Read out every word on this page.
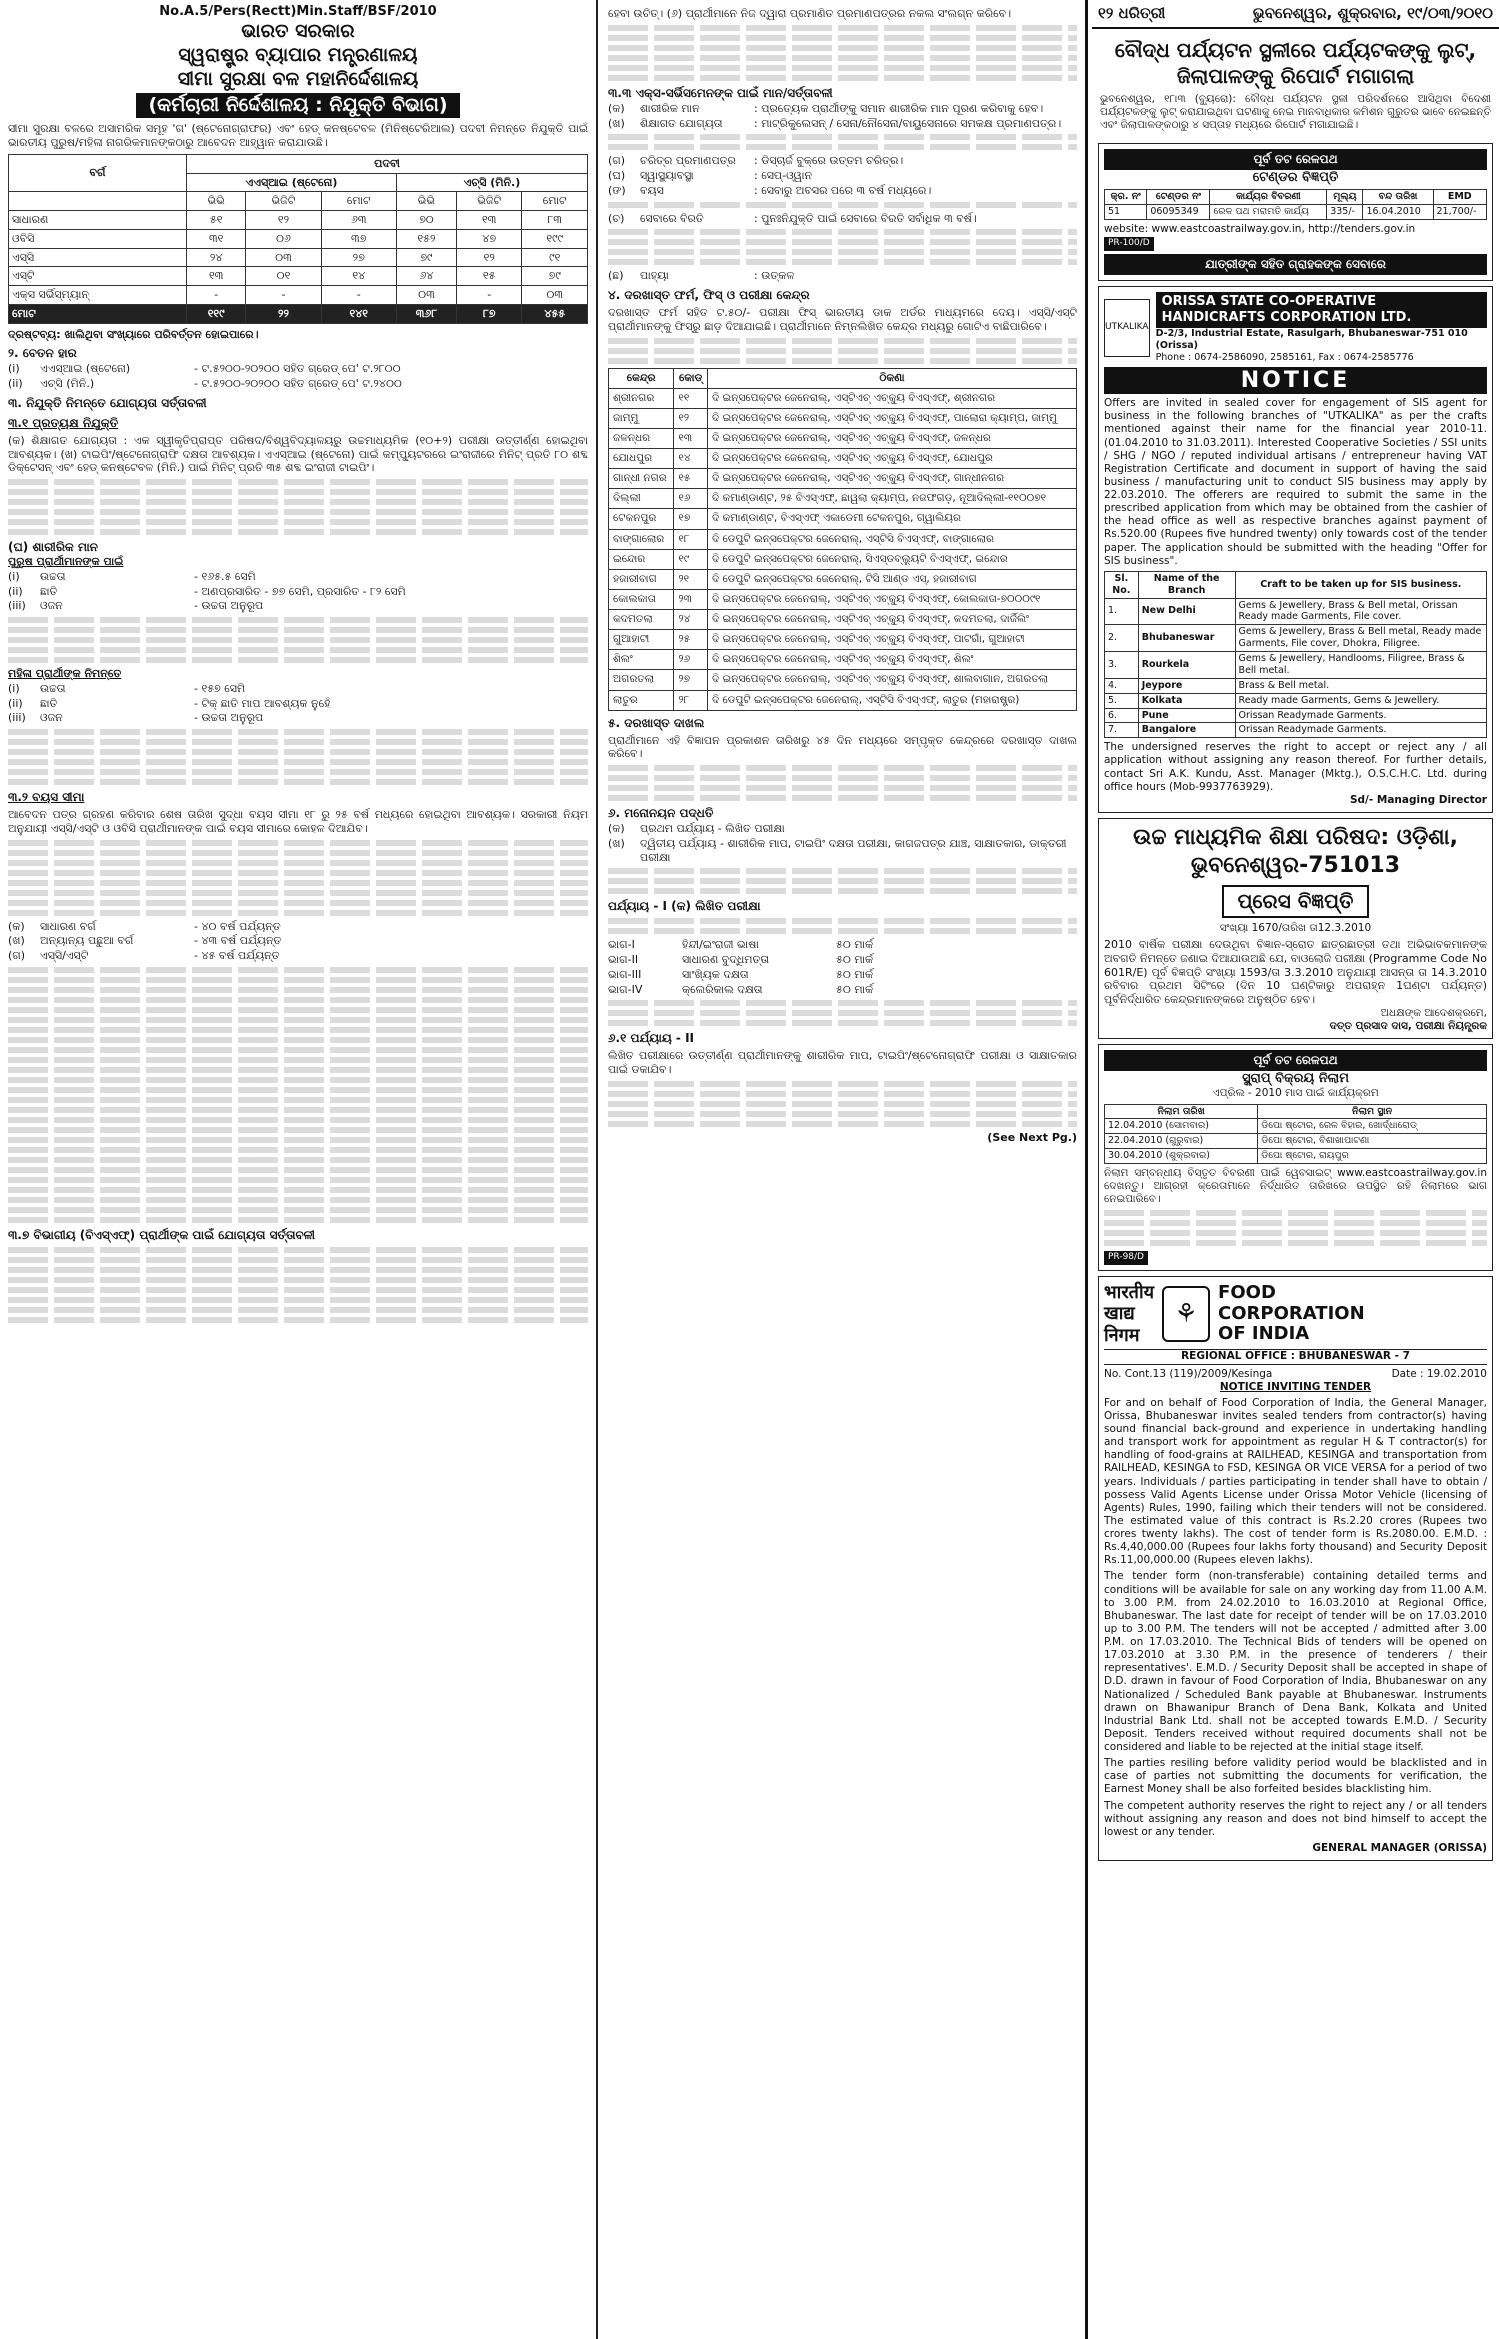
No.A.5/Pers(Rectt)Min.Staff/BSF/2010
ଭାରତ ସରକାର
ସ୍ୱରାଷ୍ଟ୍ର ବ୍ୟାପାର ମନ୍ତ୍ରଣାଳୟ
ସୀମା ସୁରକ୍ଷା ବଳ ମହାନିର୍ଦ୍ଦେଶାଳୟ
(କର୍ମଚାରୀ ନିର୍ଦ୍ଦେଶାଳୟ : ନିଯୁକ୍ତି ବିଭାଗ)

ସୀମା ସୁରକ୍ଷା ବଳରେ ଅସାମରିକ ସମୂହ 'ଗ' (ଷ୍ଟେନୋଗ୍ରାଫର) ଏବଂ ହେଡ୍ କନଷ୍ଟେବଳ (ମିନିଷ୍ଟେରିଆଲ) ପଦବୀ ନିମନ୍ତେ ନିଯୁକ୍ତି ପାଇଁ ଭାରତୀୟ ପୁରୁଷ/ମହିଳା ନାଗରିକମାନଙ୍କଠାରୁ ଆବେଦନ ଆହ୍ୱାନ କରାଯାଉଛି।

ବର୍ଗ	ପଦବୀ					
	ଏଏସ୍ଆଇ (ଷ୍ଟେନୋ)			ଏଚ୍‌ସି (ମିନି.)		
	ଭିଭି	ଭିଜିଟି	ମୋଟ	ଭିଭି	ଭିଜିଟି	ମୋଟ
ସାଧାରଣ	୫୧	୧୨	୬୩	୭୦	୧୩	୮୩
ଓବିସି	୩୧	୦୬	୩୭	୧୫୨	୪୭	୧୯୯
ଏସ୍‌ସି	୨୪	୦୩	୨୭	୭୯	୧୨	୯୧
ଏସ୍‌ଟି	୧୩	୦୧	୧୪	୬୪	୧୫	୭୯
ଏକ୍ସ ସର୍ଭିସ୍‌ମ୍ୟାନ୍	-	-	-	୦୩	-	୦୩
ମୋଟ	୧୧୯	୨୨	୧୪୧	୩୬୮	୮୭	୪୫୫

ଦ୍ରଷ୍ଟବ୍ୟ: ଖାଲିଥିବା ସଂଖ୍ୟାରେ ପରିବର୍ତ୍ତନ ହୋଇପାରେ।

୨. ବେତନ ହାର
(i)	ଏଏସ୍ଆଇ (ଷ୍ଟେନୋ)	- ଟ.୫୨୦୦-୨୦୨୦୦ ସହିତ ଗ୍ରେଡ୍ ପେ' ଟ.୨୮୦୦
(ii)	ଏଚ୍‌ସି (ମିନି.)	- ଟ.୫୨୦୦-୨୦୨୦୦ ସହିତ ଗ୍ରେଡ୍ ପେ' ଟ.୨୪୦୦
୩. ନିଯୁକ୍ତି ନିମନ୍ତେ ଯୋଗ୍ୟତା ସର୍ତ୍ତାବଳୀ
୩.୧ ପ୍ରତ୍ୟକ୍ଷ ନିଯୁକ୍ତି

(କ) ଶିକ୍ଷାଗତ ଯୋଗ୍ୟତା : ଏକ ସ୍ୱୀକୃତିପ୍ରାପ୍ତ ପରିଷଦ/ବିଶ୍ୱବିଦ୍ୟାଳୟରୁ ଉଚ୍ଚମାଧ୍ୟମିକ (୧୦+୨) ପରୀକ୍ଷା ଉତ୍ତୀର୍ଣ୍ଣ ହୋଇଥିବା ଆବଶ୍ୟକ। (ଖ) ଟାଇପିଂ/ଷ୍ଟେନୋଗ୍ରାଫି ଦକ୍ଷତା ଆବଶ୍ୟକ। ଏଏସ୍ଆଇ (ଷ୍ଟେନୋ) ପାଇଁ କମ୍ପ୍ୟୁଟରରେ ଇଂରାଜୀରେ ମିନିଟ୍ ପ୍ରତି ୮୦ ଶବ୍ଦ ଡିକ୍ଟେସନ୍ ଏବଂ ହେଡ୍ କନଷ୍ଟେବଳ (ମିନି.) ପାଇଁ ମିନିଟ୍ ପ୍ରତି ୩୫ ଶବ୍ଦ ଇଂରାଜୀ ଟାଇପିଂ।

(ଘ) ଶାରୀରିକ ମାନ
ପୁରୁଷ ପ୍ରାର୍ଥୀମାନଙ୍କ ପାଇଁ
(i)	ଉଚ୍ଚତା	- ୧୬୫.୫ ସେମି
(ii)	ଛାତି	- ଅଣପ୍ରସାରିତ - ୭୭ ସେମି, ପ୍ରସାରିତ - ୮୨ ସେମି
(iii)	ଓଜନ	- ଉଚ୍ଚତା ଅନୁରୂପ
ମହିଳା ପ୍ରାର୍ଥୀଙ୍କ ନିମନ୍ତେ
(i)	ଉଚ୍ଚତା	- ୧୫୭ ସେମି
(ii)	ଛାତି	- ଟିକ୍ ଛାତି ମାପ ଆବଶ୍ୟକ ନୁହେଁ
(iii)	ଓଜନ	- ଉଚ୍ଚତା ଅନୁରୂପ
୩.୨ ବୟସ ସୀମା

ଆବେଦନ ପତ୍ର ଗ୍ରହଣ କରିବାର ଶେଷ ତାରିଖ ସୁଦ୍ଧା ବୟସ ସୀମା ୧୮ ରୁ ୨୫ ବର୍ଷ ମଧ୍ୟରେ ହୋଇଥିବା ଆବଶ୍ୟକ। ସରକାରୀ ନିୟମ ଅନୁଯାୟୀ ଏସ୍‌ସି/ଏସ୍‌ଟି ଓ ଓବିସି ପ୍ରାର୍ଥୀମାନଙ୍କ ପାଇଁ ବୟସ ସୀମାରେ କୋହଳ ଦିଆଯିବ।

(କ)	ସାଧାରଣ ବର୍ଗ	- ୪୦ ବର୍ଷ ପର୍ଯ୍ୟନ୍ତ
(ଖ)	ଅନ୍ୟାନ୍ୟ ପଛୁଆ ବର୍ଗ	- ୪୩ ବର୍ଷ ପର୍ଯ୍ୟନ୍ତ
(ଗ)	ଏସ୍‌ସି/ଏସ୍‌ଟି	- ୪୫ ବର୍ଷ ପର୍ଯ୍ୟନ୍ତ
୩.୭ ବିଭାଗୀୟ (ବିଏସ୍‌ଏଫ୍) ପ୍ରାର୍ଥୀଙ୍କ ପାଇଁ ଯୋଗ୍ୟତା ସର୍ତ୍ତାବଳୀ

ହେବା ଉଚିତ୍। (୬) ପ୍ରାର୍ଥୀମାନେ ନିଜ ଦ୍ୱାରା ପ୍ରମାଣିତ ପ୍ରମାଣପତ୍ରର ନକଲ ସଂଲଗ୍ନ କରିବେ।

୩.୩ ଏକ୍ସ-ସର୍ଭିସମେନଙ୍କ ପାଇଁ ମାନ/ସର୍ତ୍ତାବଳୀ
(କ)	ଶାରୀରିକ ମାନ	: ପ୍ରତ୍ୟେକ ପ୍ରାର୍ଥୀଙ୍କୁ ସମାନ ଶାରୀରିକ ମାନ ପୂରଣ କରିବାକୁ ହେବ।
(ଖ)	ଶିକ୍ଷାଗତ ଯୋଗ୍ୟତା	: ମାଟ୍ରିକୁଲେସନ୍ / ସେନା/ନୌସେନା/ବାୟୁସେନାରେ ସମକକ୍ଷ ପ୍ରମାଣପତ୍ର।
(ଗ)	ଚରିତ୍ର ପ୍ରମାଣପତ୍ର	: ଡିସ୍‌ଚାର୍ଜ ବୁକ୍‌ରେ ଉତ୍ତମ ଚରିତ୍ର।
(ଘ)	ସ୍ୱାସ୍ଥ୍ୟାବସ୍ଥା	: ସେପ୍-ଓ୍ୱାନ
(ଙ)	ବୟସ	: ସେବାରୁ ଅବସର ପରେ ୩ ବର୍ଷ ମଧ୍ୟରେ।
(ଚ)	ସେବାରେ ବିରତି	: ପୁନଃନିଯୁକ୍ତି ପାଇଁ ସେବାରେ ବିରତି ସର୍ବାଧିକ ୩ ବର୍ଷ।
(ଛ)	ପାହ୍ୟା	: ଉତ୍କଳ
୪. ଦରଖାସ୍ତ ଫର୍ମ, ଫିସ୍ ଓ ପରୀକ୍ଷା କେନ୍ଦ୍ର

ଦରଖାସ୍ତ ଫର୍ମ ସହିତ ଟ.୫୦/- ପରୀକ୍ଷା ଫିସ୍ ଭାରତୀୟ ଡାକ ଅର୍ଡର ମାଧ୍ୟମରେ ଦେୟ। ଏସ୍‌ସି/ଏସ୍‌ଟି ପ୍ରାର୍ଥୀମାନଙ୍କୁ ଫିସ୍‌ରୁ ଛାଡ଼ ଦିଆଯାଇଛି। ପ୍ରାର୍ଥୀମାନେ ନିମ୍ନଲିଖିତ କେନ୍ଦ୍ର ମଧ୍ୟରୁ ଗୋଟିଏ ବାଛିପାରିବେ।

କେନ୍ଦ୍ର	କୋଡ୍	ଠିକଣା
ଶ୍ରୀନଗର	୧୧	ଦି ଇନ୍‌ସପେକ୍ଟର ଜେନେରାଲ୍, ଏସ୍‌ଟିଏଚ୍ ଏଚ୍‌କ୍ୟୁ ବିଏସ୍‌ଏଫ୍, ଶ୍ରୀନଗର
ଜାମ୍ମୁ	୧୨	ଦି ଇନ୍‌ସପେକ୍ଟର ଜେନେରାଲ୍, ଏସ୍‌ଟିଏଚ୍ ଏଚ୍‌କ୍ୟୁ ବିଏସ୍‌ଏଫ୍, ପାଲୋରା କ୍ୟାମ୍ପ, ଜାମ୍ମୁ
ଜଳନ୍ଧର	୧୩	ଦି ଇନ୍‌ସପେକ୍ଟର ଜେନେରାଲ୍, ଏସ୍‌ଟିଏଚ୍ ଏଚ୍‌କ୍ୟୁ ବିଏସ୍‌ଏଫ୍, ଜଳନ୍ଧର
ଯୋଧପୁର	୧୪	ଦି ଇନ୍‌ସପେକ୍ଟର ଜେନେରାଲ୍, ଏସ୍‌ଟିଏଚ୍ ଏଚ୍‌କ୍ୟୁ ବିଏସ୍‌ଏଫ୍, ଯୋଧପୁର
ଗାନ୍ଧୀ ନଗର	୧୫	ଦି ଇନ୍‌ସପେକ୍ଟର ଜେନେରାଲ୍, ଏସ୍‌ଟିଏଚ୍ ଏଚ୍‌କ୍ୟୁ ବିଏସ୍‌ଏଫ୍, ଗାନ୍ଧୀନଗର
ଦିଲ୍ଲୀ	୧୬	ଦି କମାଣ୍ଡାଣ୍ଟ, ୨୫ ବିଏସ୍‌ଏଫ୍, ଛାୱଲା କ୍ୟାମ୍ପ, ନଜଫଗଡ଼, ନୂଆଦିଲ୍ଲୀ-୧୧୦୦୭୧
ଟେକନପୁର	୧୭	ଦି କମାଣ୍ଡାଣ୍ଟ, ବିଏସ୍‌ଏଫ୍ ଏକାଡେମୀ ଟେକନପୁର, ଗ୍ୱାଲିୟର
ବାଙ୍ଗାଲୋର	୧୮	ଦି ଡେପୁଟି ଇନ୍‌ସପେକ୍ଟର ଜେନେରାଲ୍, ଏସ୍‌ଟିସି ବିଏସ୍‌ଏଫ୍, ବାଙ୍ଗାଲୋର
ଇନ୍ଦୋର	୧୯	ଦି ଡେପୁଟି ଇନ୍‌ସପେକ୍ଟର ଜେନେରାଲ୍, ସିଏସ୍‌ଡବ୍ଲ୍ୟୁଟି ବିଏସ୍‌ଏଫ୍, ଇନ୍ଦୋର
ହଜାରୀବାଗ	୨୧	ଦି ଡେପୁଟି ଇନ୍‌ସପେକ୍ଟର ଜେନେରାଲ୍, ଟିସି ଆଣ୍ଡ ଏସ୍, ହଜାରୀବାଗ
କୋଲକାତା	୨୩	ଦି ଇନ୍‌ସପେକ୍ଟର ଜେନେରାଲ୍, ଏସ୍‌ଟିଏଚ୍ ଏଚ୍‌କ୍ୟୁ ବିଏସ୍‌ଏଫ୍, କୋଲକାତା-୭୦୦୦୯୧
କଦମତଲା	୨୪	ଦି ଇନ୍‌ସପେକ୍ଟର ଜେନେରାଲ୍, ଏସ୍‌ଟିଏଚ୍ ଏଚ୍‌କ୍ୟୁ ବିଏସ୍‌ଏଫ୍, କଦମତଲା, ଦାର୍ଜିଲିଂ
ଗୁଆହାଟୀ	୨୫	ଦି ଇନ୍‌ସପେକ୍ଟର ଜେନେରାଲ୍, ଏସ୍‌ଟିଏଚ୍ ଏଚ୍‌କ୍ୟୁ ବିଏସ୍‌ଏଫ୍, ପାଟଗାଁ, ଗୁଆହାଟୀ
ଶିଲଂ	୨୬	ଦି ଇନ୍‌ସପେକ୍ଟର ଜେନେରାଲ୍, ଏସ୍‌ଟିଏଚ୍ ଏଚ୍‌କ୍ୟୁ ବିଏସ୍‌ଏଫ୍, ଶିଲଂ
ଅଗରତଲା	୨୭	ଦି ଇନ୍‌ସପେକ୍ଟର ଜେନେରାଲ୍, ଏସ୍‌ଟିଏଚ୍ ଏଚ୍‌କ୍ୟୁ ବିଏସ୍‌ଏଫ୍, ଶାଲବାଗାନ, ଅଗରତଲା
ଲାତୁର	୨୮	ଦି ଡେପୁଟି ଇନ୍‌ସପେକ୍ଟର ଜେନେରାଲ୍, ଏସ୍‌ଟିସି ବିଏସ୍‌ଏଫ୍, ଲାତୁର (ମହାରାଷ୍ଟ୍ର)
୫. ଦରଖାସ୍ତ ଦାଖଲ

ପ୍ରାର୍ଥୀମାନେ ଏହି ବିଜ୍ଞାପନ ପ୍ରକାଶନ ତାରିଖରୁ ୪୫ ଦିନ ମଧ୍ୟରେ ସମ୍ପୃକ୍ତ କେନ୍ଦ୍ରରେ ଦରଖାସ୍ତ ଦାଖଲ କରିବେ।

୬. ମନୋନୟନ ପଦ୍ଧତି
(କ)	ପ୍ରଥମ ପର୍ଯ୍ୟାୟ - ଲିଖିତ ପରୀକ୍ଷା
(ଖ)	ଦ୍ୱିତୀୟ ପର୍ଯ୍ୟାୟ - ଶାରୀରିକ ମାପ, ଟାଇପିଂ ଦକ୍ଷତା ପରୀକ୍ଷା, କାଗଜପତ୍ର ଯାଞ୍ଚ, ସାକ୍ଷାତକାର, ଡାକ୍ତରୀ ପରୀକ୍ଷା
ପର୍ଯ୍ୟାୟ - I (କ) ଲିଖିତ ପରୀକ୍ଷା
ଭାଗ-I	ହିନ୍ଦୀ/ଇଂରାଜୀ ଭାଷା	୫୦ ମାର୍କ
ଭାଗ-II	ସାଧାରଣ ବୁଦ୍ଧିମତ୍ତା	୫୦ ମାର୍କ
ଭାଗ-III	ସାଂଖ୍ୟିକ ଦକ୍ଷତା	୫୦ ମାର୍କ
ଭାଗ-IV	କ୍ଲେରିକାଲ ଦକ୍ଷତା	୫୦ ମାର୍କ
୬.୧ ପର୍ଯ୍ୟାୟ - II

ଲିଖିତ ପରୀକ୍ଷାରେ ଉତ୍ତୀର୍ଣ୍ଣ ପ୍ରାର୍ଥୀମାନଙ୍କୁ ଶାରୀରିକ ମାପ, ଟାଇପିଂ/ଷ୍ଟେନୋଗ୍ରାଫି ପରୀକ୍ଷା ଓ ସାକ୍ଷାତକାର ପାଇଁ ଡକାଯିବ।

(See Next Pg.)
୧୨ ଧରିତ୍ରୀ	ଭୁବନେଶ୍ୱର, ଶୁକ୍ରବାର, ୧୯/୦୩/୨୦୧୦
ବୌଦ୍ଧ ପର୍ଯ୍ୟଟନ ସ୍ଥଳୀରେ ପର୍ଯ୍ୟଟକଙ୍କୁ ଲୁଟ୍, ଜିଲାପାଳଙ୍କୁ ରିପୋର୍ଟ ମଗାଗଲା
ଭୁବନେଶ୍ୱର, ୧୮ା୩ (ବ୍ୟୁରୋ): ବୌଦ୍ଧ ପର୍ଯ୍ୟଟନ ସ୍ଥଳୀ ପରିଦର୍ଶନରେ ଆସିଥିବା ବିଦେଶୀ ପର୍ଯ୍ୟଟକଙ୍କୁ ଲୁଟ୍ କରାଯାଇଥିବା ଘଟଣାକୁ ନେଇ ମାନବାଧିକାର କମିଶନ ଗୁରୁତର ଭାବେ ନେଇଛନ୍ତି ଏବଂ ଜିଲାପାଳଙ୍କଠାରୁ ୪ ସପ୍ତାହ ମଧ୍ୟରେ ରିପୋର୍ଟ ମଗାଯାଇଛି।
ପୂର୍ବ ତଟ ରେଳପଥ
ଟେଣ୍ଡର ବିଜ୍ଞପ୍ତି
କ୍ର. ନଂ	ଟେଣ୍ଡର ନଂ	କାର୍ଯ୍ୟର ବିବରଣୀ	ମୂଲ୍ୟ	ବନ୍ଦ ତାରିଖ	EMD
51	06095349	ରେଳ ପଥ ମରାମତି କାର୍ଯ୍ୟ	335/-	16.04.2010	21,700/-
website: www.eastcoastrailway.gov.in, http://tenders.gov.in
PR-100/D
ଯାତ୍ରୀଙ୍କ ସହିତ ଗ୍ରାହକଙ୍କ ସେବାରେ
UTKALIKA
ORISSA STATE CO-OPERATIVE HANDICRAFTS CORPORATION LTD.
D-2/3, Industrial Estate, Rasulgarh, Bhubaneswar-751 010 (Orissa)
Phone : 0674-2586090, 2585161, Fax : 0674-2585776
NOTICE
Offers are invited in sealed cover for engagement of SIS agent for business in the following branches of "UTKALIKA" as per the crafts mentioned against their name for the financial year 2010-11. (01.04.2010 to 31.03.2011). Interested Cooperative Societies / SSI units / SHG / NGO / reputed individual artisans / entrepreneur having VAT Registration Certificate and document in support of having the said business / manufacturing unit to conduct SIS business may apply by 22.03.2010. The offerers are required to submit the same in the prescribed application from which may be obtained from the cashier of the head office as well as respective branches against payment of Rs.520.00 (Rupees five hundred twenty) only towards cost of the tender paper. The application should be submitted with the heading "Offer for SIS business".
Sl. No.	Name of the Branch	Craft to be taken up for SIS business.
1.	New Delhi	Gems & Jewellery, Brass & Bell metal, Orissan Ready made Garments, File cover.
2.	Bhubaneswar	Gems & Jewellery, Brass & Bell metal, Ready made Garments, File cover, Dhokra, Filigree.
3.	Rourkela	Gems & Jewellery, Handlooms, Filigree, Brass & Bell metal.
4.	Jeypore	Brass & Bell metal.
5.	Kolkata	Ready made Garments, Gems & Jewellery.
6.	Pune	Orissan Readymade Garments.
7.	Bangalore	Orissan Readymade Garments.
The undersigned reserves the right to accept or reject any / all application without assigning any reason thereof. For further details, contact Sri A.K. Kundu, Asst. Manager (Mktg.), O.S.C.H.C. Ltd. during office hours (Mob-9937763929).
Sd/- Managing Director
ଉଚ୍ଚ ମାଧ୍ୟମିକ ଶିକ୍ଷା ପରିଷଦ: ଓଡ଼ିଶା,
ଭୁବନେଶ୍ୱର-751013
ପ୍ରେସ ବିଜ୍ଞପ୍ତି
ସଂଖ୍ୟା 1670/ତାରିଖ ତା12.3.2010
2010 ବାର୍ଷିକ ପରୀକ୍ଷା ଦେଉଥିବା ବିଜ୍ଞାନ-ସ୍ରୋତ ଛାତ୍ରଛାତ୍ରୀ ତଥା ଅଭିଭାବକମାନଙ୍କ ଅବଗତି ନିମନ୍ତେ ଜଣାଇ ଦିଆଯାଉଅଛି ଯେ, ବାଓଲୋଜି ପରୀକ୍ଷା (Programme Code No 601R/E) ପୂର୍ବ ବିଜ୍ଞପ୍ତି ସଂଖ୍ୟା 1593/ତା 3.3.2010 ଅନୁଯାୟୀ ଆସନ୍ତା ତା 14.3.2010 ରବିବାର ପ୍ରଥମ ସିଟିଂରେ (ଦିନ 10 ଘଣ୍ଟିକାରୁ ଅପରାହ୍ନ 1ଘଣ୍ଟା ପର୍ଯ୍ୟନ୍ତ) ପୂର୍ବନିର୍ଦ୍ଧାରିତ କେନ୍ଦ୍ରମାନଙ୍କରେ ଅନୁଷ୍ଠିତ ହେବ।
ଅଧକ୍ଷଙ୍କ ଆଦେଶକ୍ରମେ,
ଦତ୍ତ ପ୍ରସାଦ ଦାସ, ପରୀକ୍ଷା ନିୟନ୍ତ୍ରକ
ପୂର୍ବ ତଟ ରେଳପଥ
ସ୍କ୍ରାପ୍ ବିକ୍ରୟ ନିଲାମ
ଏପ୍ରିଲ - 2010 ମାସ ପାଇଁ କାର୍ଯ୍ୟକ୍ରମ
ନିଲାମ ତାରିଖ	ନିଲାମ ସ୍ଥାନ
12.04.2010 (ସୋମବାର)	ଡିପୋ ଷ୍ଟୋର, ରେଳ ବିହାର, ଖୋର୍ଦ୍ଧାରୋଡ୍
22.04.2010 (ଗୁରୁବାର)	ଡିପୋ ଷ୍ଟୋର, ବିଶାଖାପାଟଣା
30.04.2010 (ଶୁକ୍ରବାର)	ଡିପୋ ଷ୍ଟୋର, ରାୟପୁର
ନିଲାମ ସମ୍ବନ୍ଧୀୟ ବିସ୍ତୃତ ବିବରଣୀ ପାଇଁ ୱେବସାଇଟ୍ www.eastcoastrailway.gov.in ଦେଖନ୍ତୁ। ଆଗ୍ରହୀ କ୍ରେତାମାନେ ନିର୍ଦ୍ଧାରିତ ତାରିଖରେ ଉପସ୍ଥିତ ରହି ନିଲାମରେ ଭାଗ ନେଇପାରିବେ।
PR-98/D
भारतीय
खाद्य
निगम
⚘
FOOD
CORPORATION
OF INDIA
REGIONAL OFFICE : BHUBANESWAR - 7
No. Cont.13 (119)/2009/Kesinga	Date : 19.02.2010
NOTICE INVITING TENDER
For and on behalf of Food Corporation of India, the General Manager, Orissa, Bhubaneswar invites sealed tenders from contractor(s) having sound financial back-ground and experience in undertaking handling and transport work for appointment as regular H & T contractor(s) for handling of food-grains at RAILHEAD, KESINGA and transportation from RAILHEAD, KESINGA to FSD, KESINGA OR VICE VERSA for a period of two years. Individuals / parties participating in tender shall have to obtain / possess Valid Agents License under Orissa Motor Vehicle (licensing of Agents) Rules, 1990, failing which their tenders will not be considered. The estimated value of this contract is Rs.2.20 crores (Rupees two crores twenty lakhs). The cost of tender form is Rs.2080.00. E.M.D. : Rs.4,40,000.00 (Rupees four lakhs forty thousand) and Security Deposit Rs.11,00,000.00 (Rupees eleven lakhs).
The tender form (non-transferable) containing detailed terms and conditions will be available for sale on any working day from 11.00 A.M. to 3.00 P.M. from 24.02.2010 to 16.03.2010 at Regional Office, Bhubaneswar. The last date for receipt of tender will be on 17.03.2010 up to 3.00 P.M. The tenders will not be accepted / admitted after 3.00 P.M. on 17.03.2010. The Technical Bids of tenders will be opened on 17.03.2010 at 3.30 P.M. in the presence of tenderers / their representatives'. E.M.D. / Security Deposit shall be accepted in shape of D.D. drawn in favour of Food Corporation of India, Bhubaneswar on any Nationalized / Scheduled Bank payable at Bhubaneswar. Instruments drawn on Bhawanipur Branch of Dena Bank, Kolkata and United Industrial Bank Ltd. shall not be accepted towards E.M.D. / Security Deposit. Tenders received without required documents shall not be considered and liable to be rejected at the initial stage itself.
The parties resiling before validity period would be blacklisted and in case of parties not submitting the documents for verification, the Earnest Money shall be also forfeited besides blacklisting him.
The competent authority reserves the right to reject any / or all tenders without assigning any reason and does not bind himself to accept the lowest or any tender.
GENERAL MANAGER (ORISSA)
